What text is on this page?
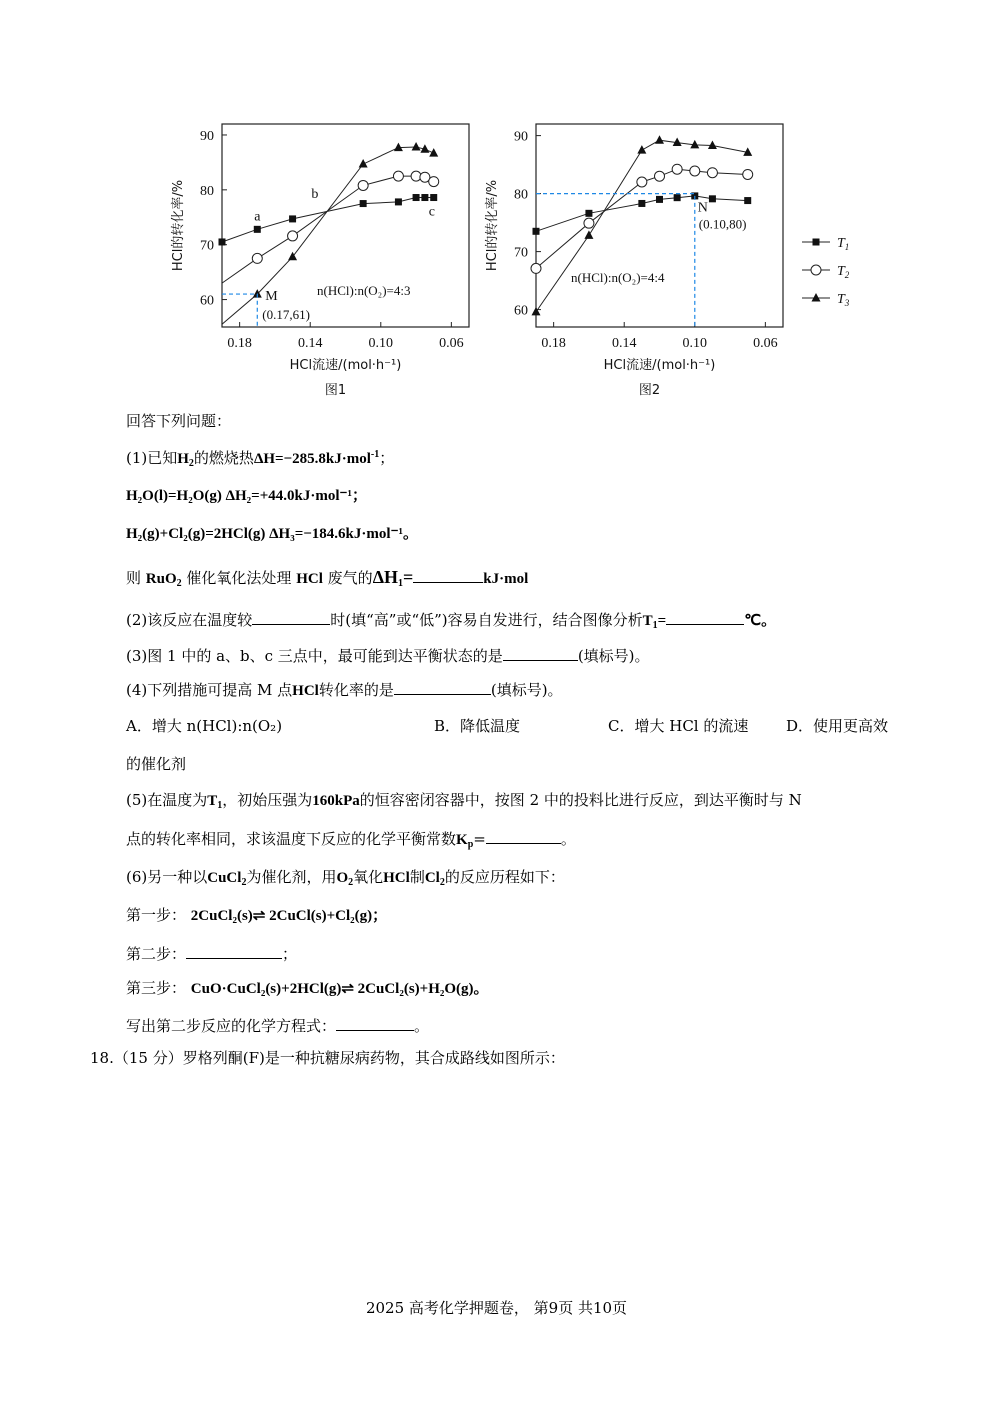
60
70
80
90
0.18	0.14	0.10	0.06
HCl流速/(mol·h⁻¹)
HCl的转化率/%
图1
n(HCl):n(O₂)=4:3
a
b
c
M
(0.17,61)	60
70
80
90
0.18	0.14	0.10	0.06
HCl流速/(mol·h⁻¹)
HCl的转化率/%
图2
n(HCl):n(O₂)=4:4
N
(0.10,80)
$T_1$
$T_2$
$T_3$
回答下列问题：
(1)已知$H_2$的燃烧热ΔH=−285.8kJ·mol$^{-1}$；
H₂O(l)=H₂O(g) ΔH₂=+44.0kJ·mol⁻¹；
H₂(g)+Cl₂(g)=2HCl(g) ΔH₃=−184.6kJ·mol⁻¹。
则 RuO$_2$ 催化氧化法处理 HCl 废气的$\Delta H_1=$	kJ·mol
(2)该反应在温度较	时(填“高”或“低”)容易自发进行，结合图像分析$T_1=$	℃。
(3)图 1 中的 a、b、c 三点中，最可能到达平衡状态的是	(填标号)。
(4)下列措施可提高 M 点HCl转化率的是	(填标号)。
A．增大 n(HCl):n(O₂)	B．降低温度	C．增大 HCl 的流速	D．使用更高效
的催化剂
(5)在温度为$T_1$，初始压强为160kPa的恒容密闭容器中，按图 2 中的投料比进行反应，到达平衡时与 N
点的转化率相同，求该温度下反应的化学平衡常数$K_p=$	。
(6)另一种以CuCl$_2$为催化剂，用$O_2$氧化HCl制$Cl_2$的反应历程如下：
第一步： 2CuCl₂(s)⇌ 2CuCl(s)+Cl₂(g)；
第二步：	；
第三步： CuO·CuCl₂(s)+2HCl(g)⇌ 2CuCl₂(s)+H₂O(g)。
写出第二步反应的化学方程式：	。
18.（15 分）罗格列酮(F)是一种抗糖尿病药物，其合成路线如图所示：
2025 高考化学押题卷， 第9页 共10页
